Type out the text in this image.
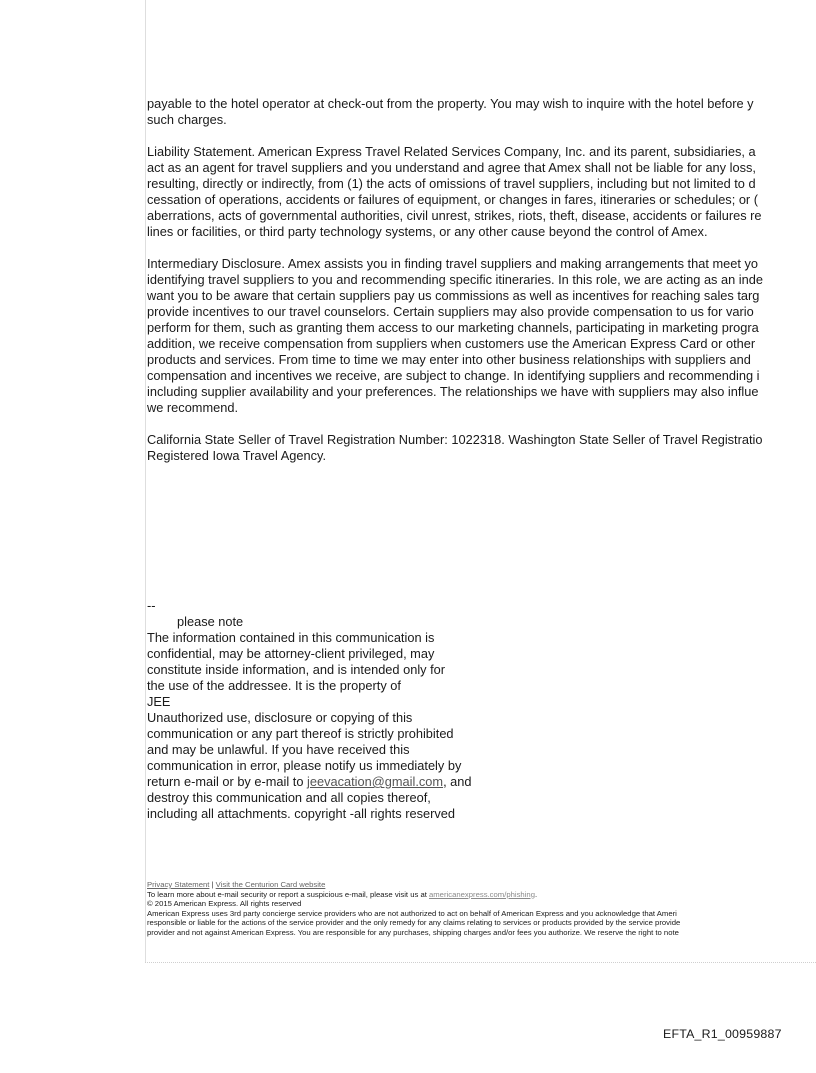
payable to the hotel operator at check-out from the property. You may wish to inquire with the hotel before y
such charges.

Liability Statement. American Express Travel Related Services Company, Inc. and its parent, subsidiaries, a
act as an agent for travel suppliers and you understand and agree that Amex shall not be liable for any loss,
resulting, directly or indirectly, from (1) the acts of omissions of travel suppliers, including but not limited to d
cessation of operations, accidents or failures of equipment, or changes in fares, itineraries or schedules; or (
aberrations, acts of governmental authorities, civil unrest, strikes, riots, theft, disease, accidents or failures re
lines or facilities, or third party technology systems, or any other cause beyond the control of Amex.

Intermediary Disclosure. Amex assists you in finding travel suppliers and making arrangements that meet yo
identifying travel suppliers to you and recommending specific itineraries. In this role, we are acting as an inde
want you to be aware that certain suppliers pay us commissions as well as incentives for reaching sales targ
provide incentives to our travel counselors. Certain suppliers may also provide compensation to us for vario
perform for them, such as granting them access to our marketing channels, participating in marketing progra
addition, we receive compensation from suppliers when customers use the American Express Card or other
products and services. From time to time we may enter into other business relationships with suppliers and
compensation and incentives we receive, are subject to change. In identifying suppliers and recommending i
including supplier availability and your preferences. The relationships we have with suppliers may also influe
we recommend.

California State Seller of Travel Registration Number: 1022318. Washington State Seller of Travel Registratio
Registered Iowa Travel Agency.

--
please note
The information contained in this communication is
confidential, may be attorney-client privileged, may
constitute inside information, and is intended only for
the use of the addressee. It is the property of
JEE
Unauthorized use, disclosure or copying of this
communication or any part thereof is strictly prohibited
and may be unlawful. If you have received this
communication in error, please notify us immediately by
return e-mail or by e-mail to jeevacation@gmail.com, and
destroy this communication and all copies thereof,
including all attachments. copyright -all rights reserved
Privacy Statement | Visit the Centurion Card website
To learn more about e-mail security or report a suspicious e-mail, please visit us at americanexpress.com/phishing.
© 2015 American Express. All rights reserved
American Express uses 3rd party concierge service providers who are not authorized to act on behalf of American Express and you acknowledge that Ameri
responsible or liable for the actions of the service provider and the only remedy for any claims relating to services or products provided by the service provide
provider and not against American Express. You are responsible for any purchases, shipping charges and/or fees you authorize. We reserve the right to note
EFTA_R1_00959887
